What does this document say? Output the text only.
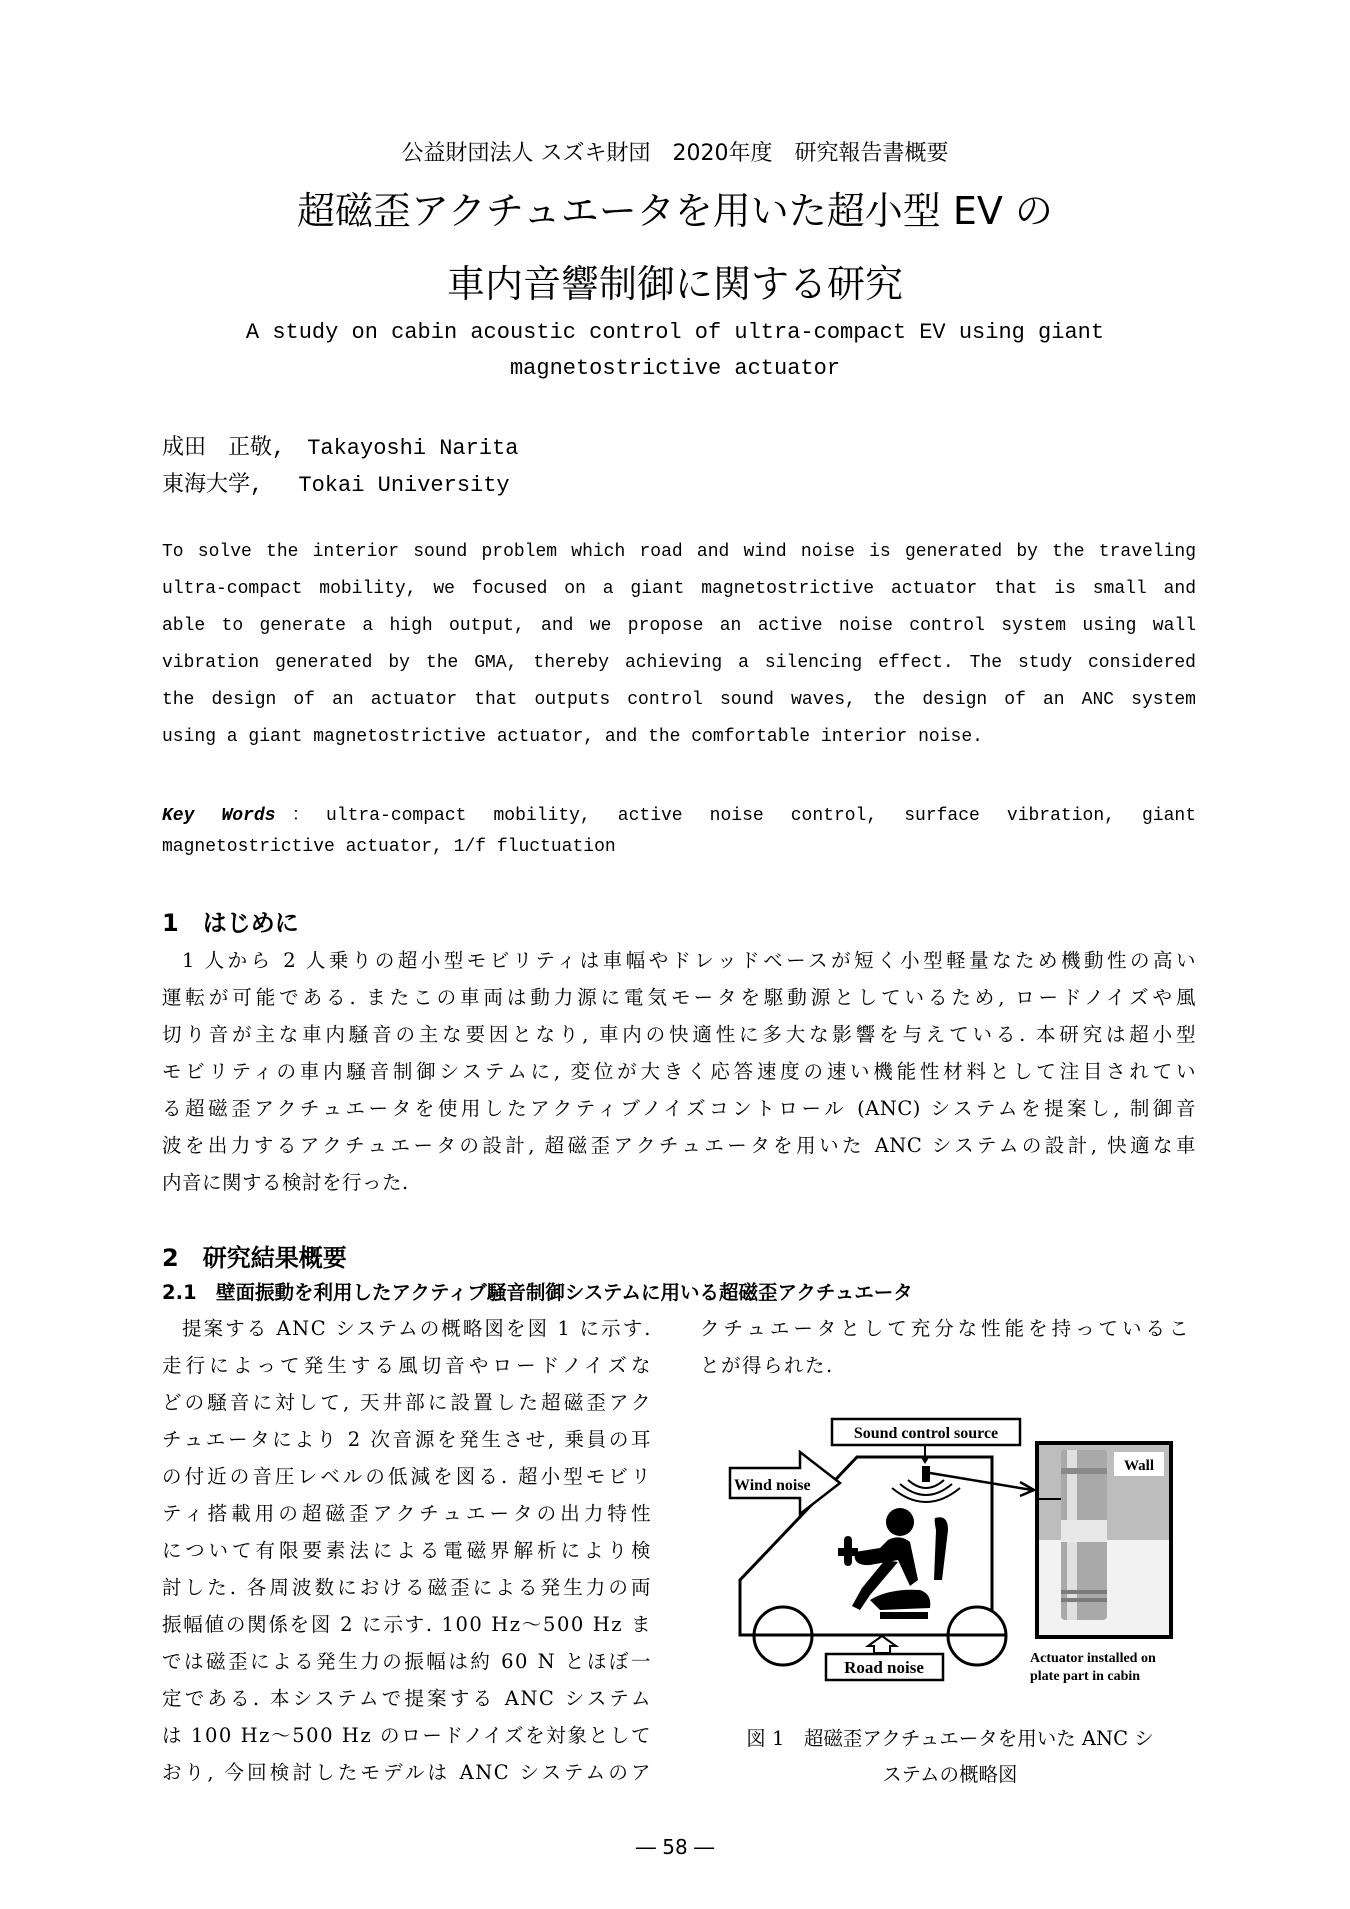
公益財団法人 スズキ財団　2020年度　研究報告書概要
超磁歪アクチュエータを用いた超小型 EV の
車内音響制御に関する研究
A study on cabin acoustic control of ultra-compact EV using giant
magnetostrictive actuator
成田　正敬,　Takayoshi Narita
東海大学,　 Tokai University
To solve the interior sound problem which road and wind noise is generated by the traveling
ultra-compact mobility, we focused on a giant magnetostrictive actuator that is small and
able to generate a high output, and we propose an active noise control system using wall
vibration generated by the GMA, thereby achieving a silencing effect. The study considered
the design of an actuator that outputs control sound waves, the design of an ANC system
using a giant magnetostrictive actuator, and the comfortable interior noise.
Key Words：ultra-compact mobility, active noise control, surface vibration, giant
magnetostrictive actuator, 1/f fluctuation
1　はじめに
1 人から 2 人乗りの超小型モビリティは車幅やドレッドベースが短く小型軽量なため機動性の高い
運転が可能である. またこの車両は動力源に電気モータを駆動源としているため, ロードノイズや風
切り音が主な車内騒音の主な要因となり, 車内の快適性に多大な影響を与えている. 本研究は超小型
モビリティの車内騒音制御システムに, 変位が大きく応答速度の速い機能性材料として注目されてい
る超磁歪アクチュエータを使用したアクティブノイズコントロール (ANC) システムを提案し, 制御音
波を出力するアクチュエータの設計, 超磁歪アクチュエータを用いた ANC システムの設計, 快適な車
内音に関する検討を行った.
2　研究結果概要
2.1　壁面振動を利用したアクティブ騒音制御システムに用いる超磁歪アクチュエータ
提案する ANC システムの概略図を図 1 に示す.
走行によって発生する風切音やロードノイズな
どの騒音に対して, 天井部に設置した超磁歪アク
チュエータにより 2 次音源を発生させ, 乗員の耳
の付近の音圧レベルの低減を図る. 超小型モビリ
ティ搭載用の超磁歪アクチュエータの出力特性
について有限要素法による電磁界解析により検
討した. 各周波数における磁歪による発生力の両
振幅値の関係を図 2 に示す. 100 Hz～500 Hz ま
では磁歪による発生力の振幅は約 60 N とほぼ一
定である. 本システムで提案する ANC システム
は 100 Hz～500 Hz のロードノイズを対象として
おり, 今回検討したモデルは ANC システムのア
クチュエータとして充分な性能を持っているこ
とが得られた.
Wind noise
Sound control source
Road noise
Wall
Actuator installed on
plate part in cabin
図 1　超磁歪アクチュエータを用いた ANC シ
ステムの概略図
― 58 ―
